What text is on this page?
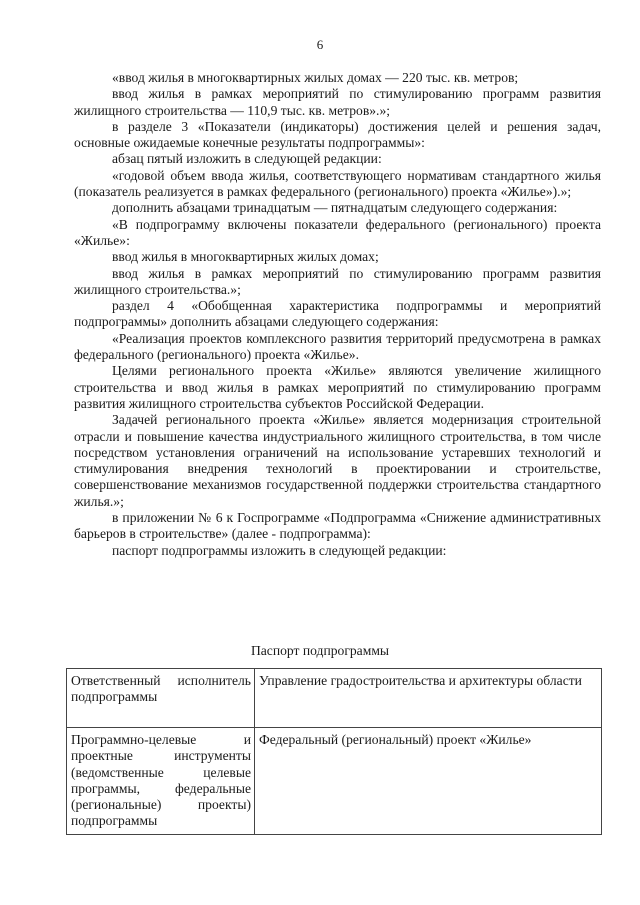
6

«ввод жилья в многоквартирных жилых домах — 220 тыс. кв. метров;

ввод жилья в рамках мероприятий по стимулированию программ развития жилищного строительства — 110,9 тыс. кв. метров».»;

в разделе 3 «Показатели (индикаторы) достижения целей и решения задач, основные ожидаемые конечные результаты подпрограммы»:

абзац пятый изложить в следующей редакции:

«годовой объем ввода жилья, соответствующего нормативам стандартного жилья (показатель реализуется в рамках федерального (регионального) проекта «Жилье»).»;

дополнить абзацами тринадцатым — пятнадцатым следующего содержания:

«В подпрограмму включены показатели федерального (регионального) проекта «Жилье»:

ввод жилья в многоквартирных жилых домах;

ввод жилья в рамках мероприятий по стимулированию программ развития жилищного строительства.»;

раздел 4 «Обобщенная характеристика подпрограммы и мероприятий подпрограммы» дополнить абзацами следующего содержания:

«Реализация проектов комплексного развития территорий предусмотрена в рамках федерального (регионального) проекта «Жилье».

Целями регионального проекта «Жилье» являются увеличение жилищного строительства и ввод жилья в рамках мероприятий по стимулированию программ развития жилищного строительства субъектов Российской Федерации.

Задачей регионального проекта «Жилье» является модернизация строительной отрасли и повышение качества индустриального жилищного строительства, в том числе посредством установления ограничений на использование устаревших технологий и стимулирования внедрения технологий в проектировании и строительстве, совершенствование механизмов государственной поддержки строительства стандартного жилья.»;

в приложении № 6 к Госпрограмме «Подпрограмма «Снижение административных барьеров в строительстве» (далее - подпрограмма):

паспорт подпрограммы изложить в следующей редакции:

Паспорт подпрограммы
Ответственный исполнитель подпрограммы	Управление градостроительства и архитектуры области
Программно-целевые и проектные инструменты (ведомственные целевые программы, федеральные (региональные) проекты) подпрограммы	Федеральный (региональный) проект «Жилье»
